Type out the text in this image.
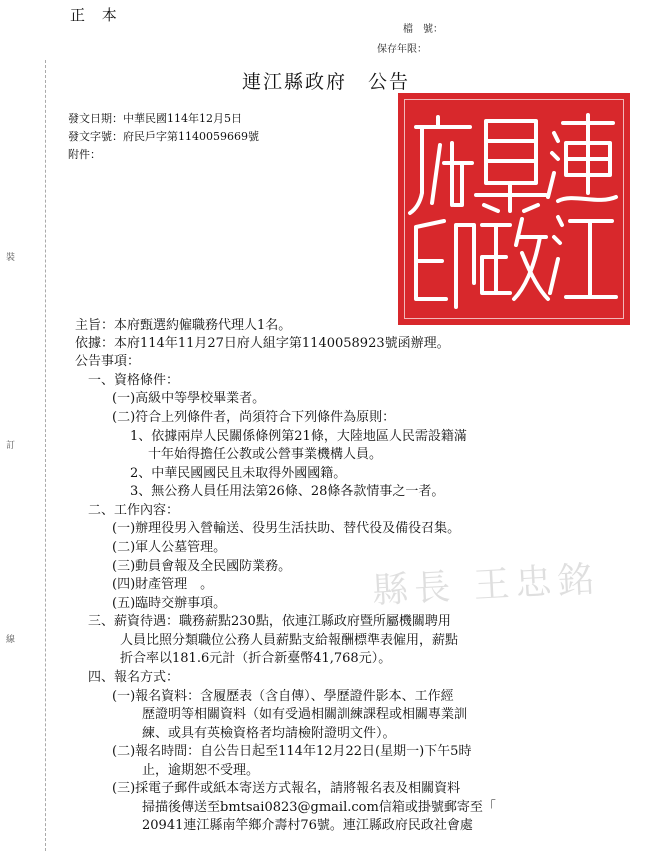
裝
訂
線
正 本
檔　號：
保存年限：
連江縣政府　公告
發文日期：中華民國114年12月5日
發文字號：府民戶字第1140059669號
附件：
縣長 王忠銘
主旨：本府甄選約僱職務代理人1名。
依據：本府114年11月27日府人組字第1140058923號函辦理。
公告事項：
一、資格條件：
(一)高級中等學校畢業者。
(二)符合上列條件者，尚須符合下列條件為原則：
1、依據兩岸人民關係條例第21條，大陸地區人民需設籍滿
十年始得擔任公教或公營事業機構人員。
2、中華民國國民且未取得外國國籍。
3、無公務人員任用法第26條、28條各款情事之一者。
二、工作內容：
(一)辦理役男入營輸送、役男生活扶助、替代役及備役召集。
(二)軍人公墓管理。
(三)動員會報及全民國防業務。
(四)財產管理　。
(五)臨時交辦事項。
三、薪資待遇：職務薪點230點，依連江縣政府暨所屬機關聘用
人員比照分類職位公務人員薪點支給報酬標準表僱用，薪點
折合率以181.6元計（折合新臺幣41,768元）。
四、報名方式：
(一)報名資料：含履歷表（含自傳）、學歷證件影本、工作經
歷證明等相關資料（如有受過相關訓練課程或相關專業訓
練、或具有英檢資格者均請檢附證明文件）。
(二)報名時間：自公告日起至114年12月22日(星期一)下午5時
止，逾期恕不受理。
(三)採電子郵件或紙本寄送方式報名，請將報名表及相關資料
掃描後傳送至bmtsai0823@gmail.com信箱或掛號郵寄至「
20941連江縣南竿鄉介壽村76號。連江縣政府民政社會處
